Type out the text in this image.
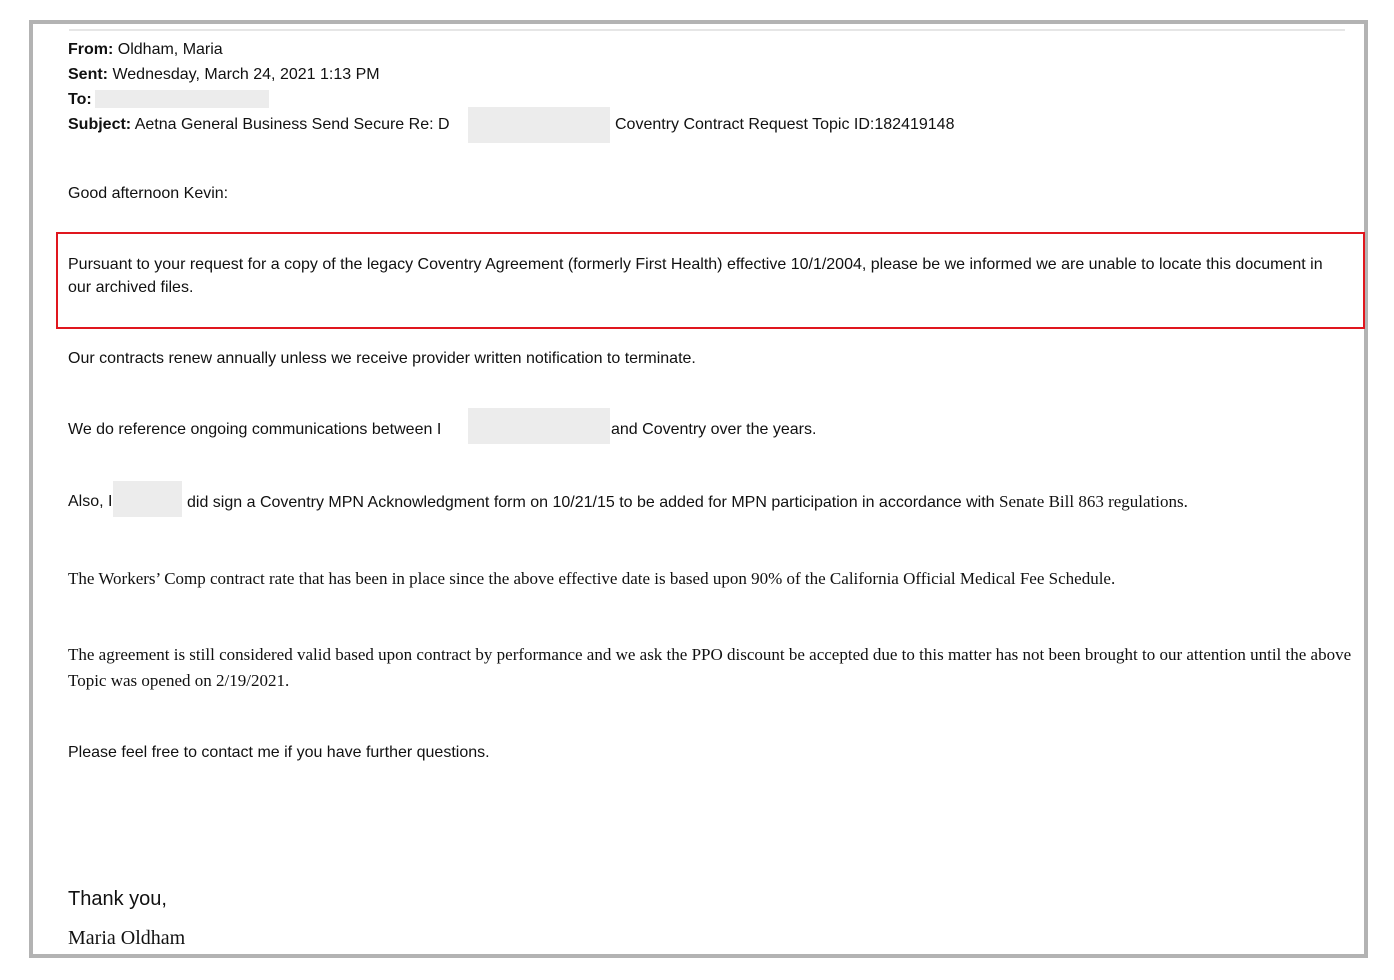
From: Oldham, Maria
Sent: Wednesday, March 24, 2021 1:13 PM
To:
Subject: Aetna General Business Send Secure Re: D	Coventry Contract Request Topic ID:182419148
Good afternoon Kevin:
Pursuant to your request for a copy of the legacy Coventry Agreement (formerly First Health) effective 10/1/2004, please be we informed we are unable to locate this document in our archived files.
Our contracts renew annually unless we receive provider written notification to terminate.
We do reference ongoing communications between I	and Coventry over the years.
Also, I	did sign a Coventry MPN Acknowledgment form on 10/21/15 to be added for MPN participation in accordance with Senate Bill 863 regulations.
The Workers’ Comp contract rate that has been in place since the above effective date is based upon 90% of the California Official Medical Fee Schedule.
The agreement is still considered valid based upon contract by performance and we ask the PPO discount be accepted due to this matter has not been brought to our attention until the above Topic was opened on 2/19/2021.
Please feel free to contact me if you have further questions.
Thank you,
Maria Oldham
